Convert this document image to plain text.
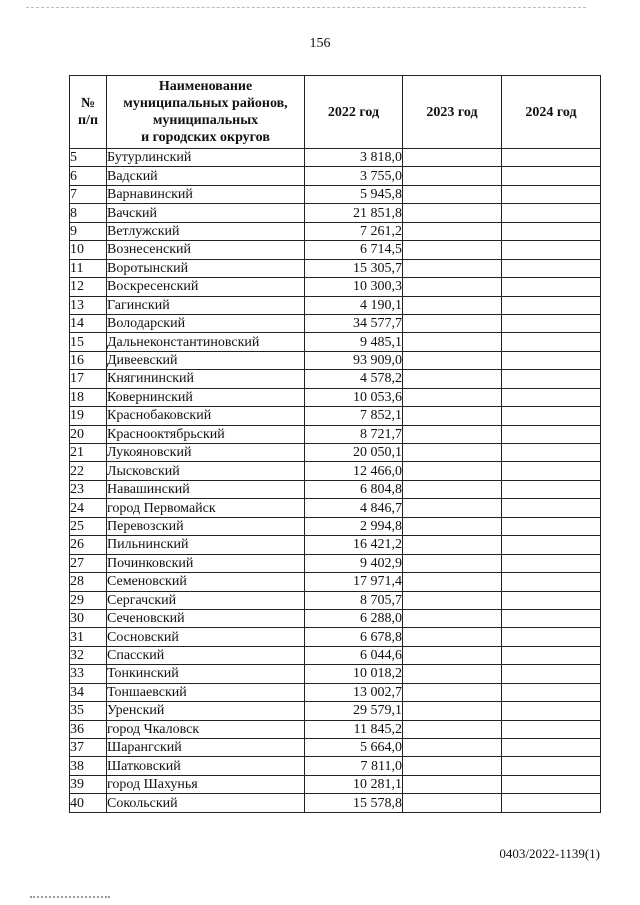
156
№
п/п	Наименование
муниципальных районов,
муниципальных
и городских округов	2022 год	2023 год	2024 год
5	Бутурлинский	3 818,0		
6	Вадский	3 755,0		
7	Варнавинский	5 945,8		
8	Вачский	21 851,8		
9	Ветлужский	7 261,2		
10	Вознесенский	6 714,5		
11	Воротынский	15 305,7		
12	Воскресенский	10 300,3		
13	Гагинский	4 190,1		
14	Володарский	34 577,7		
15	Дальнеконстантиновский	9 485,1		
16	Дивеевский	93 909,0		
17	Княгининский	4 578,2		
18	Ковернинский	10 053,6		
19	Краснобаковский	7 852,1		
20	Краснооктябрьский	8 721,7		
21	Лукояновский	20 050,1		
22	Лысковский	12 466,0		
23	Навашинский	6 804,8		
24	город Первомайск	4 846,7		
25	Перевозский	2 994,8		
26	Пильнинский	16 421,2		
27	Починковский	9 402,9		
28	Семеновский	17 971,4		
29	Сергачский	8 705,7		
30	Сеченовский	6 288,0		
31	Сосновский	6 678,8		
32	Спасский	6 044,6		
33	Тонкинский	10 018,2		
34	Тоншаевский	13 002,7		
35	Уренский	29 579,1		
36	город Чкаловск	11 845,2		
37	Шарангский	5 664,0		
38	Шатковский	7 811,0		
39	город Шахунья	10 281,1		
40	Сокольский	15 578,8		
0403/2022-1139(1)
